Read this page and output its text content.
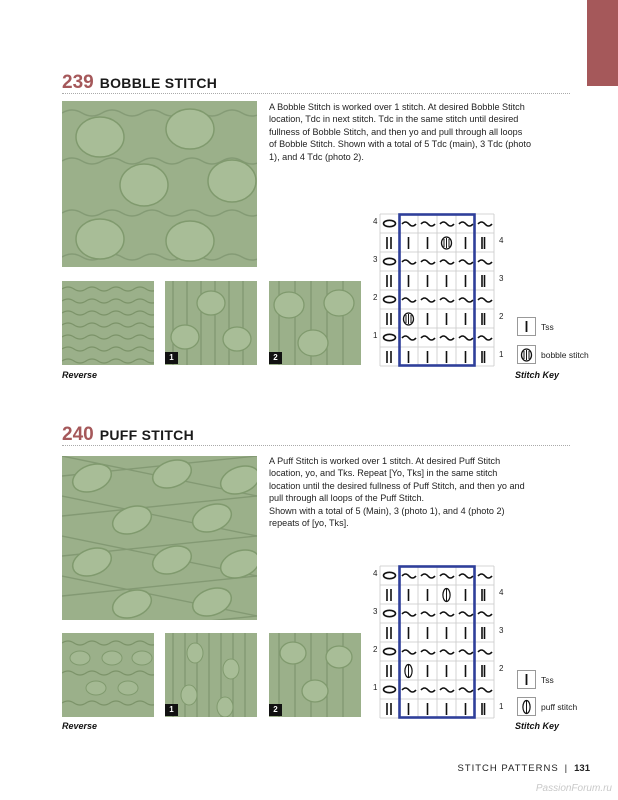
239 BOBBLE STITCH

A Bobble Stitch is worked over 1 stitch. At desired Bobble Stitch location, Tdc in next stitch. Tdc in the same stitch until desired fullness of Bobble Stitch, and then yo and pull through all loops of Bobble Stitch. Shown with a total of 5 Tdc (main), 3 Tdc (photo 1), and 4 Tdc (photo 2).

1	2
Reverse
4
3
2
1
4
3
2
1
Tss
bobble stitch
Stitch Key
240 PUFF STITCH

A Puff Stitch is worked over 1 stitch. At desired Puff Stitch location, yo, and Tks. Repeat [Yo, Tks] in the same stitch location until the desired fullness of Puff Stitch, and then yo and pull through all loops of the Puff Stitch.

Shown with a total of 5 (Main), 3 (photo 1), and 4 (photo 2) repeats of [yo, Tks].

1	2
Reverse
4
3
2
1
4
3
2
1
Tss
puff stitch
Stitch Key
STITCH PATTERNS | 131
PassionForum.ru
